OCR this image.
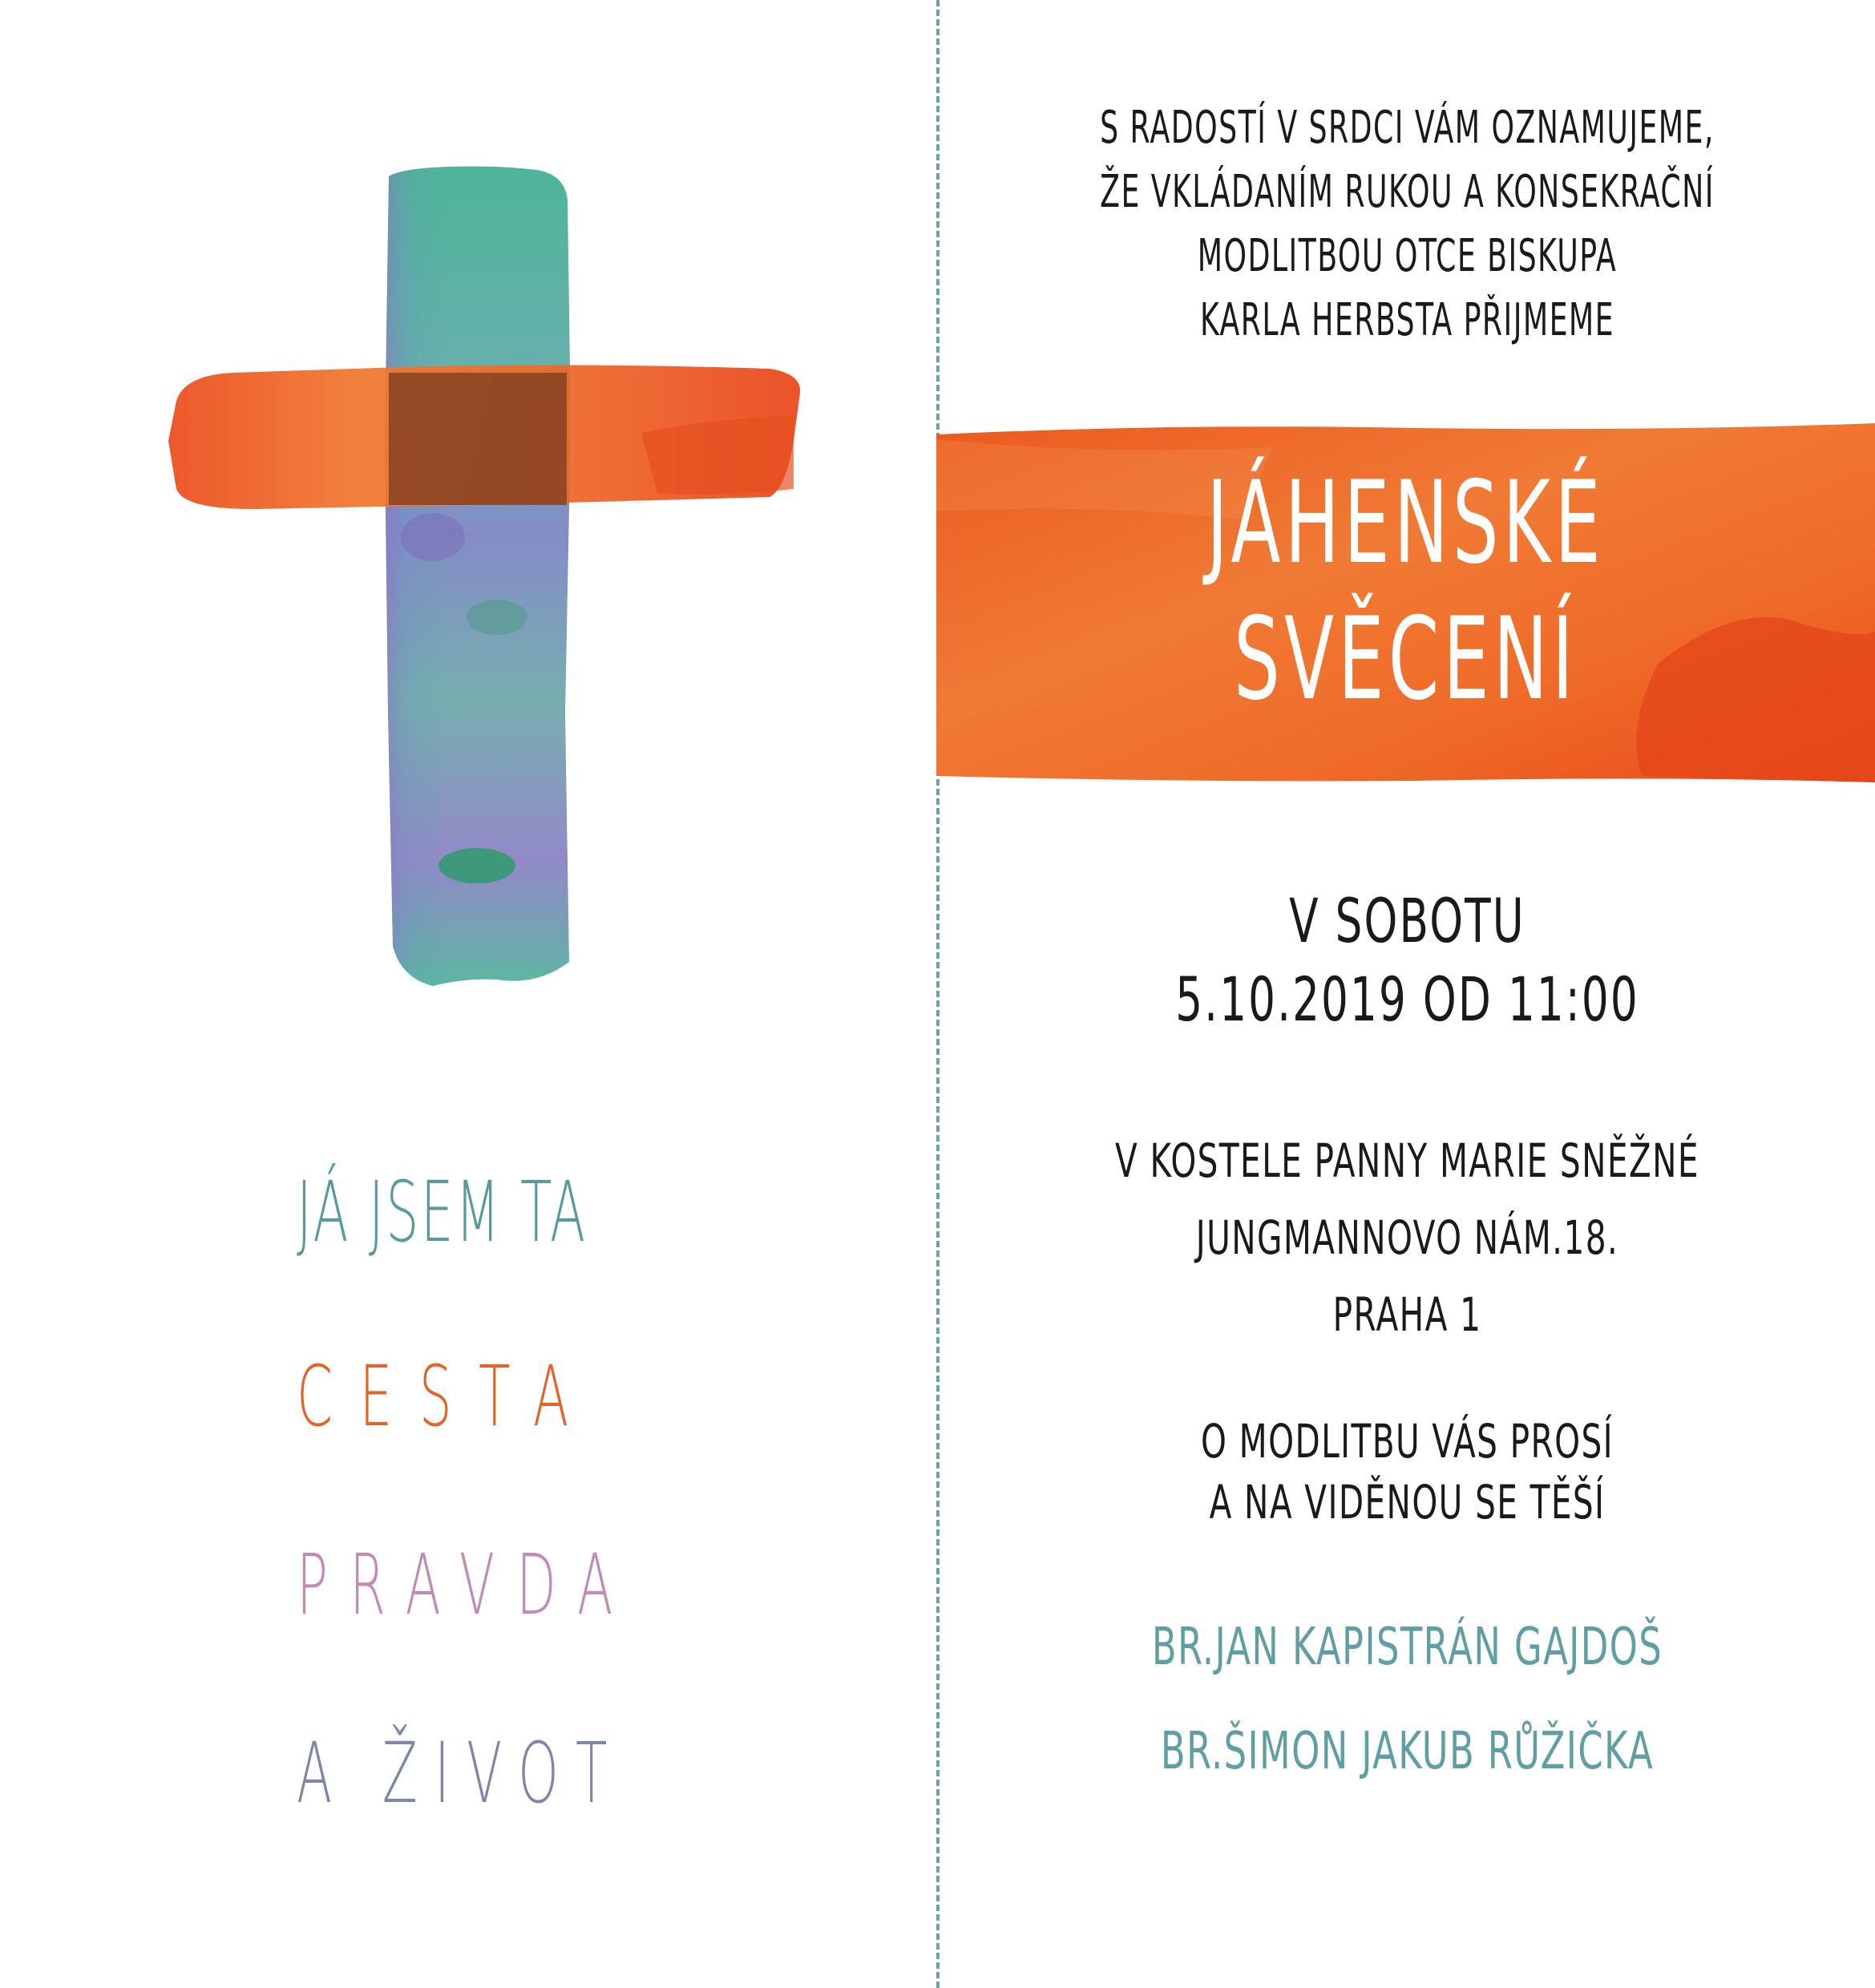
JÁ JSEM TA
CESTA
PRAVDA
A ŽIVOT
S RADOSTÍ V SRDCI VÁM OZNAMUJEME,
ŽE VKLÁDANÍM RUKOU A KONSEKRAČNÍ
MODLITBOU OTCE BISKUPA
KARLA HERBSTA PŘIJMEME
JÁHENSKÉ
SVĚCENÍ
V SOBOTU
5.10.2019 OD 11:00
V KOSTELE PANNY MARIE SNĚŽNÉ
JUNGMANNOVO NÁM.18.
PRAHA 1
O MODLITBU VÁS PROSÍ
A NA VIDĚNOU SE TĚŠÍ
BR.JAN KAPISTRÁN GAJDOŠ
BR.ŠIMON JAKUB RŮŽIČKA
